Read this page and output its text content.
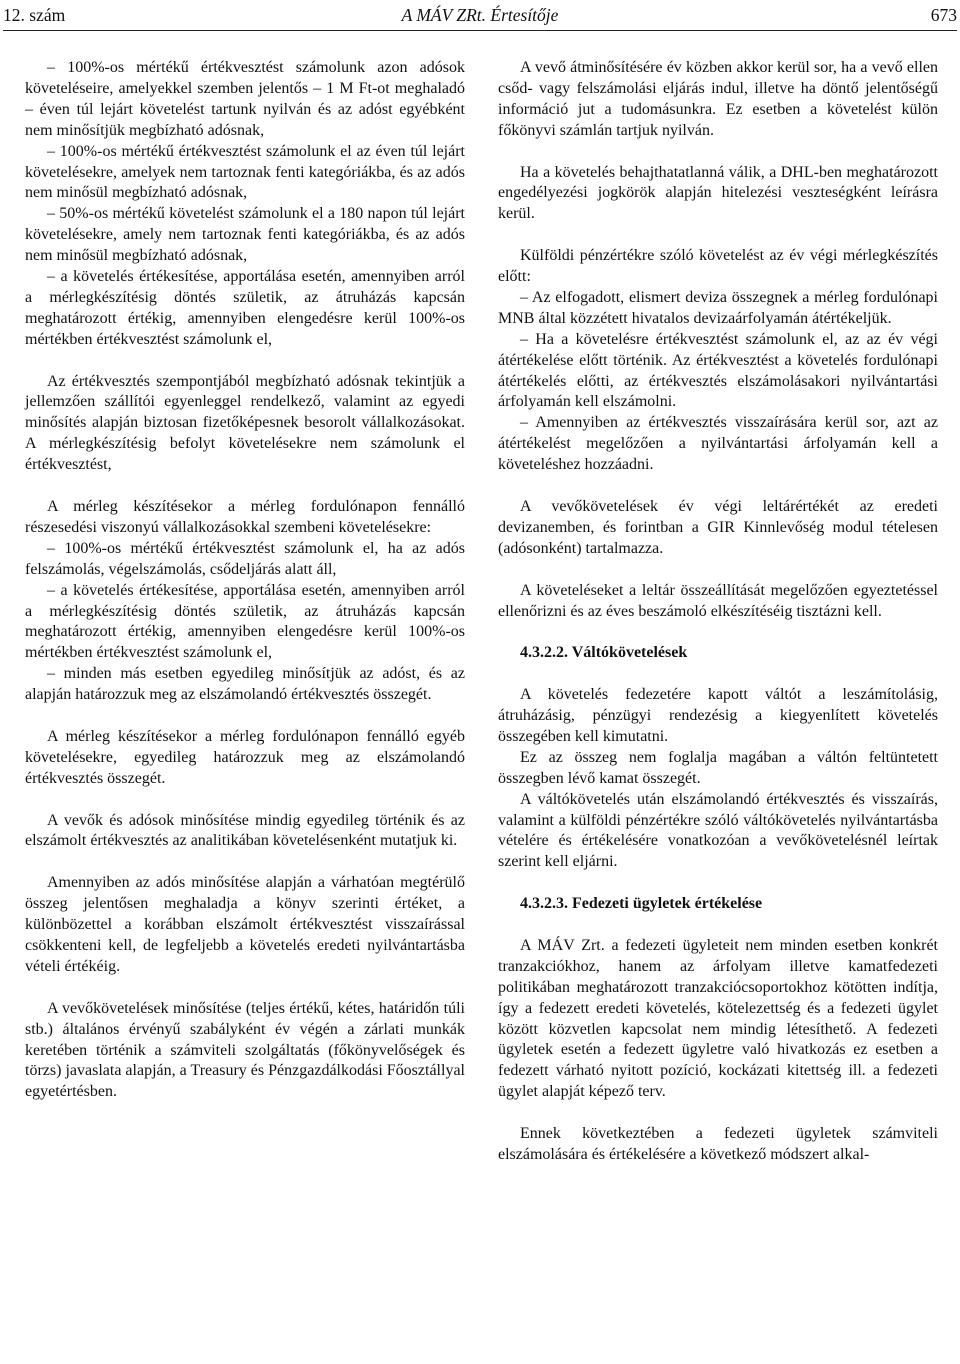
12. szám	A MÁV ZRt. Értesítője	673

– 100%-os mértékű értékvesztést számolunk azon adósok követeléseire, amelyekkel szemben jelentős – 1 M Ft-ot meghaladó – éven túl lejárt követelést tartunk nyilván és az adóst egyébként nem minősítjük megbízható adósnak,

– 100%-os mértékű értékvesztést számolunk el az éven túl lejárt követelésekre, amelyek nem tartoznak fenti kategóriákba, és az adós nem minősül megbízható adósnak,

– 50%-os mértékű követelést számolunk el a 180 napon túl lejárt követelésekre, amely nem tartoznak fenti kategóriákba, és az adós nem minősül megbízható adósnak,

– a követelés értékesítése, apportálása esetén, amennyiben arról a mérlegkészítésig döntés születik, az átruházás kapcsán meghatározott értékig, amennyiben elengedésre kerül 100%-os mértékben értékvesztést számolunk el,

Az értékvesztés szempontjából megbízható adósnak tekintjük a jellemzően szállítói egyenleggel rendelkező, valamint az egyedi minősítés alapján biztosan fizetőképesnek besorolt vállalkozásokat. A mérlegkészítésig befolyt követelésekre nem számolunk el értékvesztést,

A mérleg készítésekor a mérleg fordulónapon fennálló részesedési viszonyú vállalkozásokkal szembeni követelésekre:

– 100%-os mértékű értékvesztést számolunk el, ha az adós felszámolás, végelszámolás, csődeljárás alatt áll,

– a követelés értékesítése, apportálása esetén, amennyiben arról a mérlegkészítésig döntés születik, az átruházás kapcsán meghatározott értékig, amennyiben elengedésre kerül 100%-os mértékben értékvesztést számolunk el,

– minden más esetben egyedileg minősítjük az adóst, és az alapján határozzuk meg az elszámolandó értékvesztés összegét.

A mérleg készítésekor a mérleg fordulónapon fennálló egyéb követelésekre, egyedileg határozzuk meg az elszámolandó értékvesztés összegét.

A vevők és adósok minősítése mindig egyedileg történik és az elszámolt értékvesztés az analitikában követelésenként mutatjuk ki.

Amennyiben az adós minősítése alapján a várhatóan megtérülő összeg jelentősen meghaladja a könyv szerinti értéket, a különbözettel a korábban elszámolt értékvesztést visszaírással csökkenteni kell, de legfeljebb a követelés eredeti nyilvántartásba vételi értékéig.

A vevőkövetelések minősítése (teljes értékű, kétes, határidőn túli stb.) általános érvényű szabályként év végén a zárlati munkák keretében történik a számviteli szolgáltatás (főkönyvelőségek és törzs) javaslata alapján, a Treasury és Pénzgazdálkodási Főosztállyal egyetértésben.

A vevő átminősítésére év közben akkor kerül sor, ha a vevő ellen csőd- vagy felszámolási eljárás indul, illetve ha döntő jelentőségű információ jut a tudomásunkra. Ez esetben a követelést külön főkönyvi számlán tartjuk nyilván.

Ha a követelés behajthatatlanná válik, a DHL-ben meghatározott engedélyezési jogkörök alapján hitelezési veszteségként leírásra kerül.

Külföldi pénzértékre szóló követelést az év végi mérlegkészítés előtt:

– Az elfogadott, elismert deviza összegnek a mérleg fordulónapi MNB által közzétett hivatalos devizaárfolyamán átértékeljük.

– Ha a követelésre értékvesztést számolunk el, az az év végi átértékelése előtt történik. Az értékvesztést a követelés fordulónapi átértékelés előtti, az értékvesztés elszámolásakori nyilvántartási árfolyamán kell elszámolni.

– Amennyiben az értékvesztés visszaírására kerül sor, azt az átértékelést megelőzően a nyilvántartási árfolyamán kell a követeléshez hozzáadni.

A vevőkövetelések év végi leltárértékét az eredeti devizanemben, és forintban a GIR Kinnlevőség modul tételesen (adósonként) tartalmazza.

A követeléseket a leltár összeállítását megelőzően egyeztetéssel ellenőrizni és az éves beszámoló elkészítéséig tisztázni kell.

4.3.2.2. Váltókövetelések

A követelés fedezetére kapott váltót a leszámítolásig, átruházásig, pénzügyi rendezésig a kiegyenlített követelés összegében kell kimutatni.

Ez az összeg nem foglalja magában a váltón feltüntetett összegben lévő kamat összegét.

A váltókövetelés után elszámolandó értékvesztés és visszaírás, valamint a külföldi pénzértékre szóló váltókövetelés nyilvántartásba vételére és értékelésére vonatkozóan a vevőkövetelésnél leírtak szerint kell eljárni.

4.3.2.3. Fedezeti ügyletek értékelése

A MÁV Zrt. a fedezeti ügyleteit nem minden esetben konkrét tranzakciókhoz, hanem az árfolyam illetve kamatfedezeti politikában meghatározott tranzakciócsoportokhoz kötötten indítja, így a fedezett eredeti követelés, kötelezettség és a fedezeti ügylet között közvetlen kapcsolat nem mindig létesíthető. A fedezeti ügyletek esetén a fedezett ügyletre való hivatkozás ez esetben a fedezett várható nyitott pozíció, kockázati kitettség ill. a fedezeti ügylet alapját képező terv.

Ennek következtében a fedezeti ügyletek számviteli elszámolására és értékelésére a következő módszert alkal-
